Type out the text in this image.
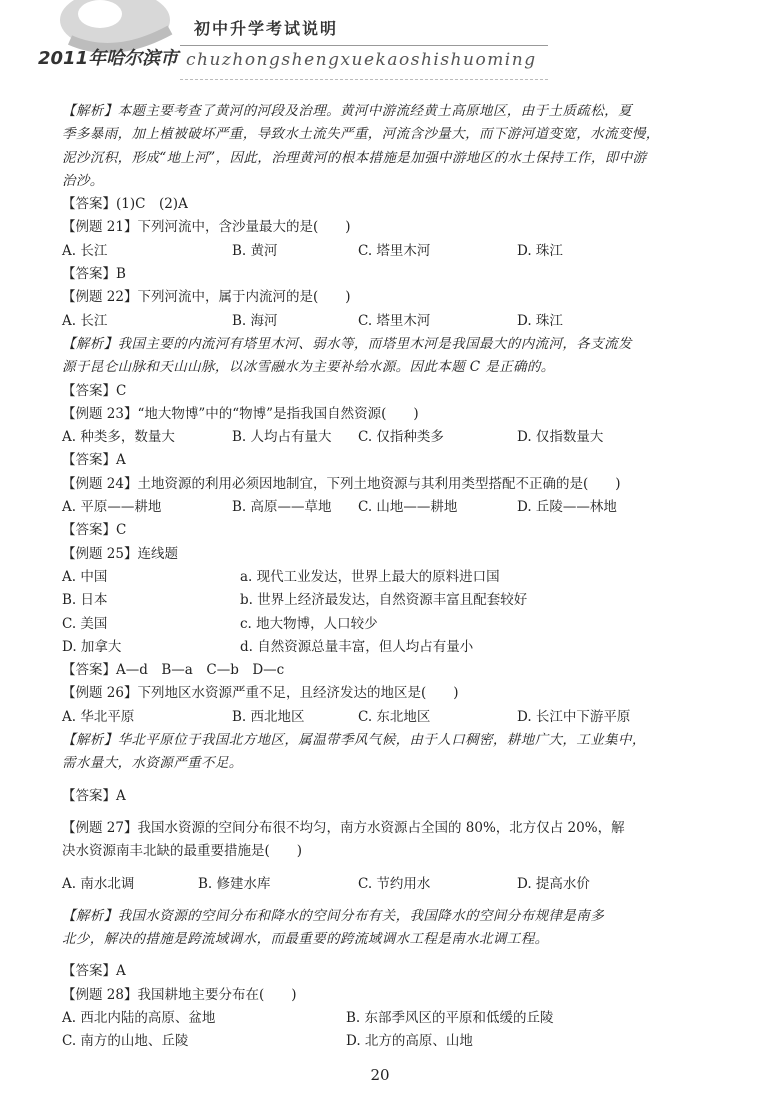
2011年哈尔滨市
初中升学考试说明
chuzhongshengxuekaoshishuoming
【解析】本题主要考查了黄河的河段及治理。黄河中游流经黄土高原地区，由于土质疏松，夏
季多暴雨，加上植被破坏严重，导致水土流失严重，河流含沙量大，而下游河道变宽，水流变慢，
泥沙沉积，形成“地上河”，因此，治理黄河的根本措施是加强中游地区的水土保持工作，即中游
治沙。
【答案】(1)C　(2)A
【例题 21】下列河流中，含沙量最大的是(　　)
A. 长江	B. 黄河	C. 塔里木河	D. 珠江
【答案】B
【例题 22】下列河流中，属于内流河的是(　　)
A. 长江	B. 海河	C. 塔里木河	D. 珠江
【解析】我国主要的内流河有塔里木河、弱水等，而塔里木河是我国最大的内流河，各支流发
源于昆仑山脉和天山山脉，以冰雪融水为主要补给水源。因此本题 C 是正确的。
【答案】C
【例题 23】“地大物博”中的“物博”是指我国自然资源(　　)
A. 种类多，数量大	B. 人均占有量大 C. 仅指种类多	D. 仅指数量大
【答案】A
【例题 24】土地资源的利用必须因地制宜，下列土地资源与其利用类型搭配不正确的是(　　)
A. 平原——耕地	B. 高原——草地 C. 山地——耕地	D. 丘陵——林地
【答案】C
【例题 25】连线题
A. 中国	a. 现代工业发达，世界上最大的原料进口国
B. 日本	b. 世界上经济最发达，自然资源丰富且配套较好
C. 美国	c. 地大物博，人口较少
D. 加拿大	d. 自然资源总量丰富，但人均占有量小
【答案】A—d　B—a　C—b　D—c
【例题 26】下列地区水资源严重不足，且经济发达的地区是(　　)
A. 华北平原	B. 西北地区	C. 东北地区	D. 长江中下游平原
【解析】华北平原位于我国北方地区，属温带季风气候，由于人口稠密，耕地广大，工业集中，
需水量大，水资源严重不足。
【答案】A
【例题 27】我国水资源的空间分布很不均匀，南方水资源占全国的 80%，北方仅占 20%，解
决水资源南丰北缺的最重要措施是(　　)
A. 南水北调	B. 修建水库	C. 节约用水	D. 提高水价
【解析】我国水资源的空间分布和降水的空间分布有关，我国降水的空间分布规律是南多
北少，解决的措施是跨流域调水，而最重要的跨流域调水工程是南水北调工程。
【答案】A
【例题 28】我国耕地主要分布在(　　)
A. 西北内陆的高原、盆地	B. 东部季风区的平原和低缓的丘陵
C. 南方的山地、丘陵	D. 北方的高原、山地
20
